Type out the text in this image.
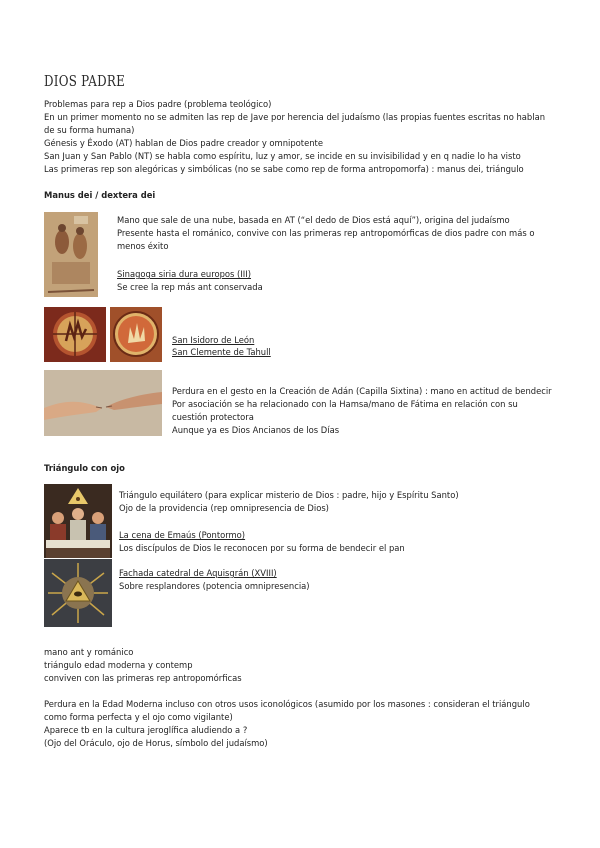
DIOS PADRE
Problemas para rep a Dios padre (problema teológico)
En un primer momento no se admiten las rep de Jave por herencia del judaísmo (las propias fuentes escritas no hablan
de su forma humana)
Génesis y Éxodo (AT) hablan de Dios padre creador y omnipotente
San Juan y San Pablo (NT) se habla como espíritu, luz y amor, se incide en su invisibilidad y en q nadie lo ha visto
Las primeras rep son alegóricas y simbólicas (no se sabe como rep de forma antropomorfa) : manus dei, triángulo
Manus dei / dextera dei
Mano que sale de una nube, basada en AT (“el dedo de Dios está aquí”), origina del judaísmo
Presente hasta el románico, convive con las primeras rep antropomórficas de dios padre con más o
menos éxito
Sinagoga siria dura europos (III)
Se cree la rep más ant conservada
San Isidoro de León
San Clemente de Tahull
Perdura en el gesto en la Creación de Adán (Capilla Sixtina) : mano en actitud de bendecir
Por asociación se ha relacionado con la Hamsa/mano de Fátima en relación con su
cuestión protectora
Aunque ya es Dios Ancianos de los Días
Triángulo con ojo
Triángulo equilátero (para explicar misterio de Dios : padre, hijo y Espíritu Santo)
Ojo de la providencia (rep omnipresencia de Dios)
La cena de Emaús (Pontormo)
Los discípulos de Dios le reconocen por su forma de bendecir el pan
Fachada catedral de Aquisgrán (XVIII)
Sobre resplandores (potencia omnipresencia)
mano ant y románico
triángulo edad moderna y contemp
conviven con las primeras rep antropomórficas
Perdura en la Edad Moderna incluso con otros usos iconológicos (asumido por los masones : consideran el triángulo
como forma perfecta y el ojo como vigilante)
Aparece tb en la cultura jeroglífica aludiendo a ?
(Ojo del Oráculo, ojo de Horus, símbolo del judaísmo)
